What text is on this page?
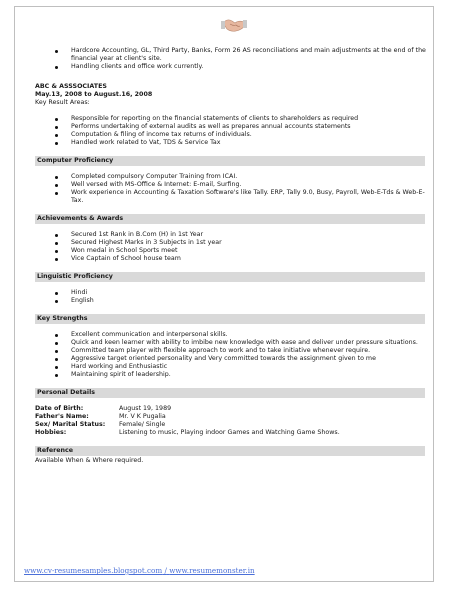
Hardcore Accounting, GL, Third Party, Banks, Form 26 AS reconciliations and main adjustments at the end of the financial year at client's site.
Handling clients and office work currently.
ABC & ASSSOCIATES
May.13, 2008 to August.16, 2008
Key Result Areas:
Responsible for reporting on the financial statements of clients to shareholders as required
Performs undertaking of external audits as well as prepares annual accounts statements
Computation & filing of income tax returns of individuals.
Handled work related to Vat, TDS & Service Tax
Computer Proficiency
Completed compulsory Computer Training from ICAI.
Well versed with MS-Office & Internet: E-mail, Surfing.
Work experience in Accounting & Taxation Software's like Tally. ERP, Tally 9.0, Busy, Payroll, Web-E-Tds & Web-E-Tax.
Achievements & Awards
Secured 1st Rank in B.Com (H) in 1st Year
Secured Highest Marks in 3 Subjects in 1st year
Won medal in School Sports meet
Vice Captain of School house team
Linguistic Proficiency
Hindi
English
Key Strengths
Excellent communication and interpersonal skills.
Quick and keen learner with ability to imbibe new knowledge with ease and deliver under pressure situations.
Committed team player with flexible approach to work and to take initiative whenever require.
Aggressive target oriented personality and Very committed towards the assignment given to me
Hard working and Enthusiastic
Maintaining spirit of leadership.
Personal Details
Date of Birth:	August 19, 1989
Father's Name:	Mr. V K Pugalia
Sex/ Marital Status:	Female/ Single
Hobbies:	Listening to music, Playing indoor Games and Watching Game Shows.
Reference
Available When & Where required.
www.cv-resumesamples.blogspot.com / www.resumemonster.in
